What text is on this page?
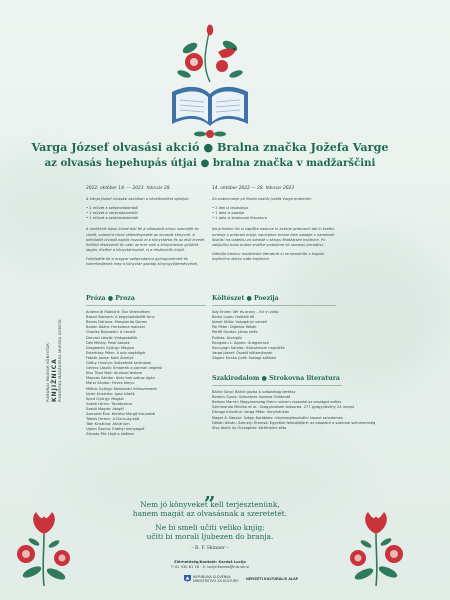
Varga József olvasási akció ● Bralna značka Jožefa Varge
az olvasás hepehupás útjai ● bralna značka v madžarščini
2022. október 14. — 2023. február 28.
A Varga József olvasási akcióban a következőket ajánljuk:
• 2 művet a szépirodalomból
• 1 művet a versirodalomból
• 1 művet a szakirodalomból
A mellékelt lapon közzé tűzi fel a választott könyv szerzőjét és címét, valamint rövid véleményezést az olvasott könyvről. A beküldött olvasói naplót hozzuk el a könyvtárba és az első levelet feltöltő résztvevőt év után az erre való a könyvtárban gyűjtött lapján. Kivétel a könyvtárosokat, is a résztvevők közül.
Felkészítik fel a magyar szépirodalom gyöngyszemeit és ismerkedjenek meg a könyvtár gazdag könyvgyűjteményével.
Próza ● Proza
Andrea di Robilant: Ősz Velencében
Basari Barbara: A begyöpösödött árny
Benes Dóriana: Margherita Dorosi
Bodon Ádám: Herkolena malacai
Charles Bukowski: A nevelő
Darvasi László: Virágzabálók
Dés Mihály: Pesti barokk
Dragomán György: Máglya
Esterházy Péter: A szív segédigéi
Fabiák Janka: Kotti Árkelye
Gáthy Orsolya: Szövetnök szirtnalak
Gerecs László: Emberek a parmán vegetál
Kiss Tibor Noé: Aludvad testem
Magvas Sándor: Akác'nak száraz ágán
Márai Sándor: Füves könyv
Mélkai György: Kolozsvári mítoszmesek
Nyári Krisztián: Igazi hősök
Spiró György: Magtár
Szabó Lőrinc: Tücsökzene
Szabó Magda: Abigél
Szendrei Éva: Kertész Margó kisunokái
Tóbiás Ferenc: A Duna-ág-köd
Tóth Krisztina: Akvárium
Ugron Zsolna: Erdélyi menyegző
Závada Pál: Hajó a ködben
14. oktober 2022 — 28. februar 2023
Za sodelovanje pri Bralni znački Jožefa Varge preberite:
• 2 deli iz leposlovja
• 1 delo iz poezije
• 1 delo iz strokovne literature
Na priloženi list si zapišite naslove in avtorje prebranih del in kratko mnenje o prebrani knjigi. Izpolnjene bralne liste oddajte v namenski škatlici na oddelku za odrasle v sklopu Madžarske knjižnice. Po zaključku bodo bralne značke podeljene ob slovesni prireditvi.
Odkrijte biserov madžarske literature in se seznanite z bogato knjižnično zbirko naše knjižnice.
Költészet ● Poezija
Ady Endre: Vér és arany – Kri in zlato
Berka Lajos: Holdelő fél
József Attila: Vasagárlyi versek
Pál Péter: Digitális fiókák
Petőfi Sándor: János vitéz
Puśkás: Arcaiglin
Rangsinu L. Ágnes: Ürlegversek
Szunyogh Sándor: Halcsárnom napsütés
Varga József: Őszelő költemények
Zágoni Kicska Judit: Szalagi szélben
Szakirodalom ● Strokovna literatura
Bálint Sorgi: Bálint gazda A szabadság kertész
Bedecs Gyula: Szövetnek Isoneos Ötöderdé
Berban Marcsi: Magyarország Ifrem: szívem csoszdal az országot széles
Szimmonda Mónika et al.: Szagyanlesek teásorba. 277 gyógynövény 24 recept
Darago Krisztina: Varga Péter: Konyhánkán
Maget Á. Nessor: Szépp Karóbkes: mindmegfaszinálni kazaut szúzdemes
Dékán István: Szenely: Éremsö: Egyetlek feltalálójáré: az alapkönt a szakmai szimmentség
Siva Abell: Az Orszagház: történelmi séta
POMURJAI MAGYAR KÖNYVTÁR KNJIŽNICA POMURSKA MADŽARSKA MURSKA SOBOTA
„
Nem jó könyveket kell terjesztenünk,
hanem magát az olvasásnak a szeretetét.
Ne bi smeli učiti veliko knjig;
učiti bi morali ljubezen do branja.
– B. F. Skinner –
Elérhetőség/Kontakt: Kardoš Lucija
T: 02 530 81 16 · E: lucija.kardos@mb.sik.si
REPUBLIKA SLOVENIJA
MINISTRSTVO ZA KULTURO NEMZETI KULTURÁLIS ALAP
